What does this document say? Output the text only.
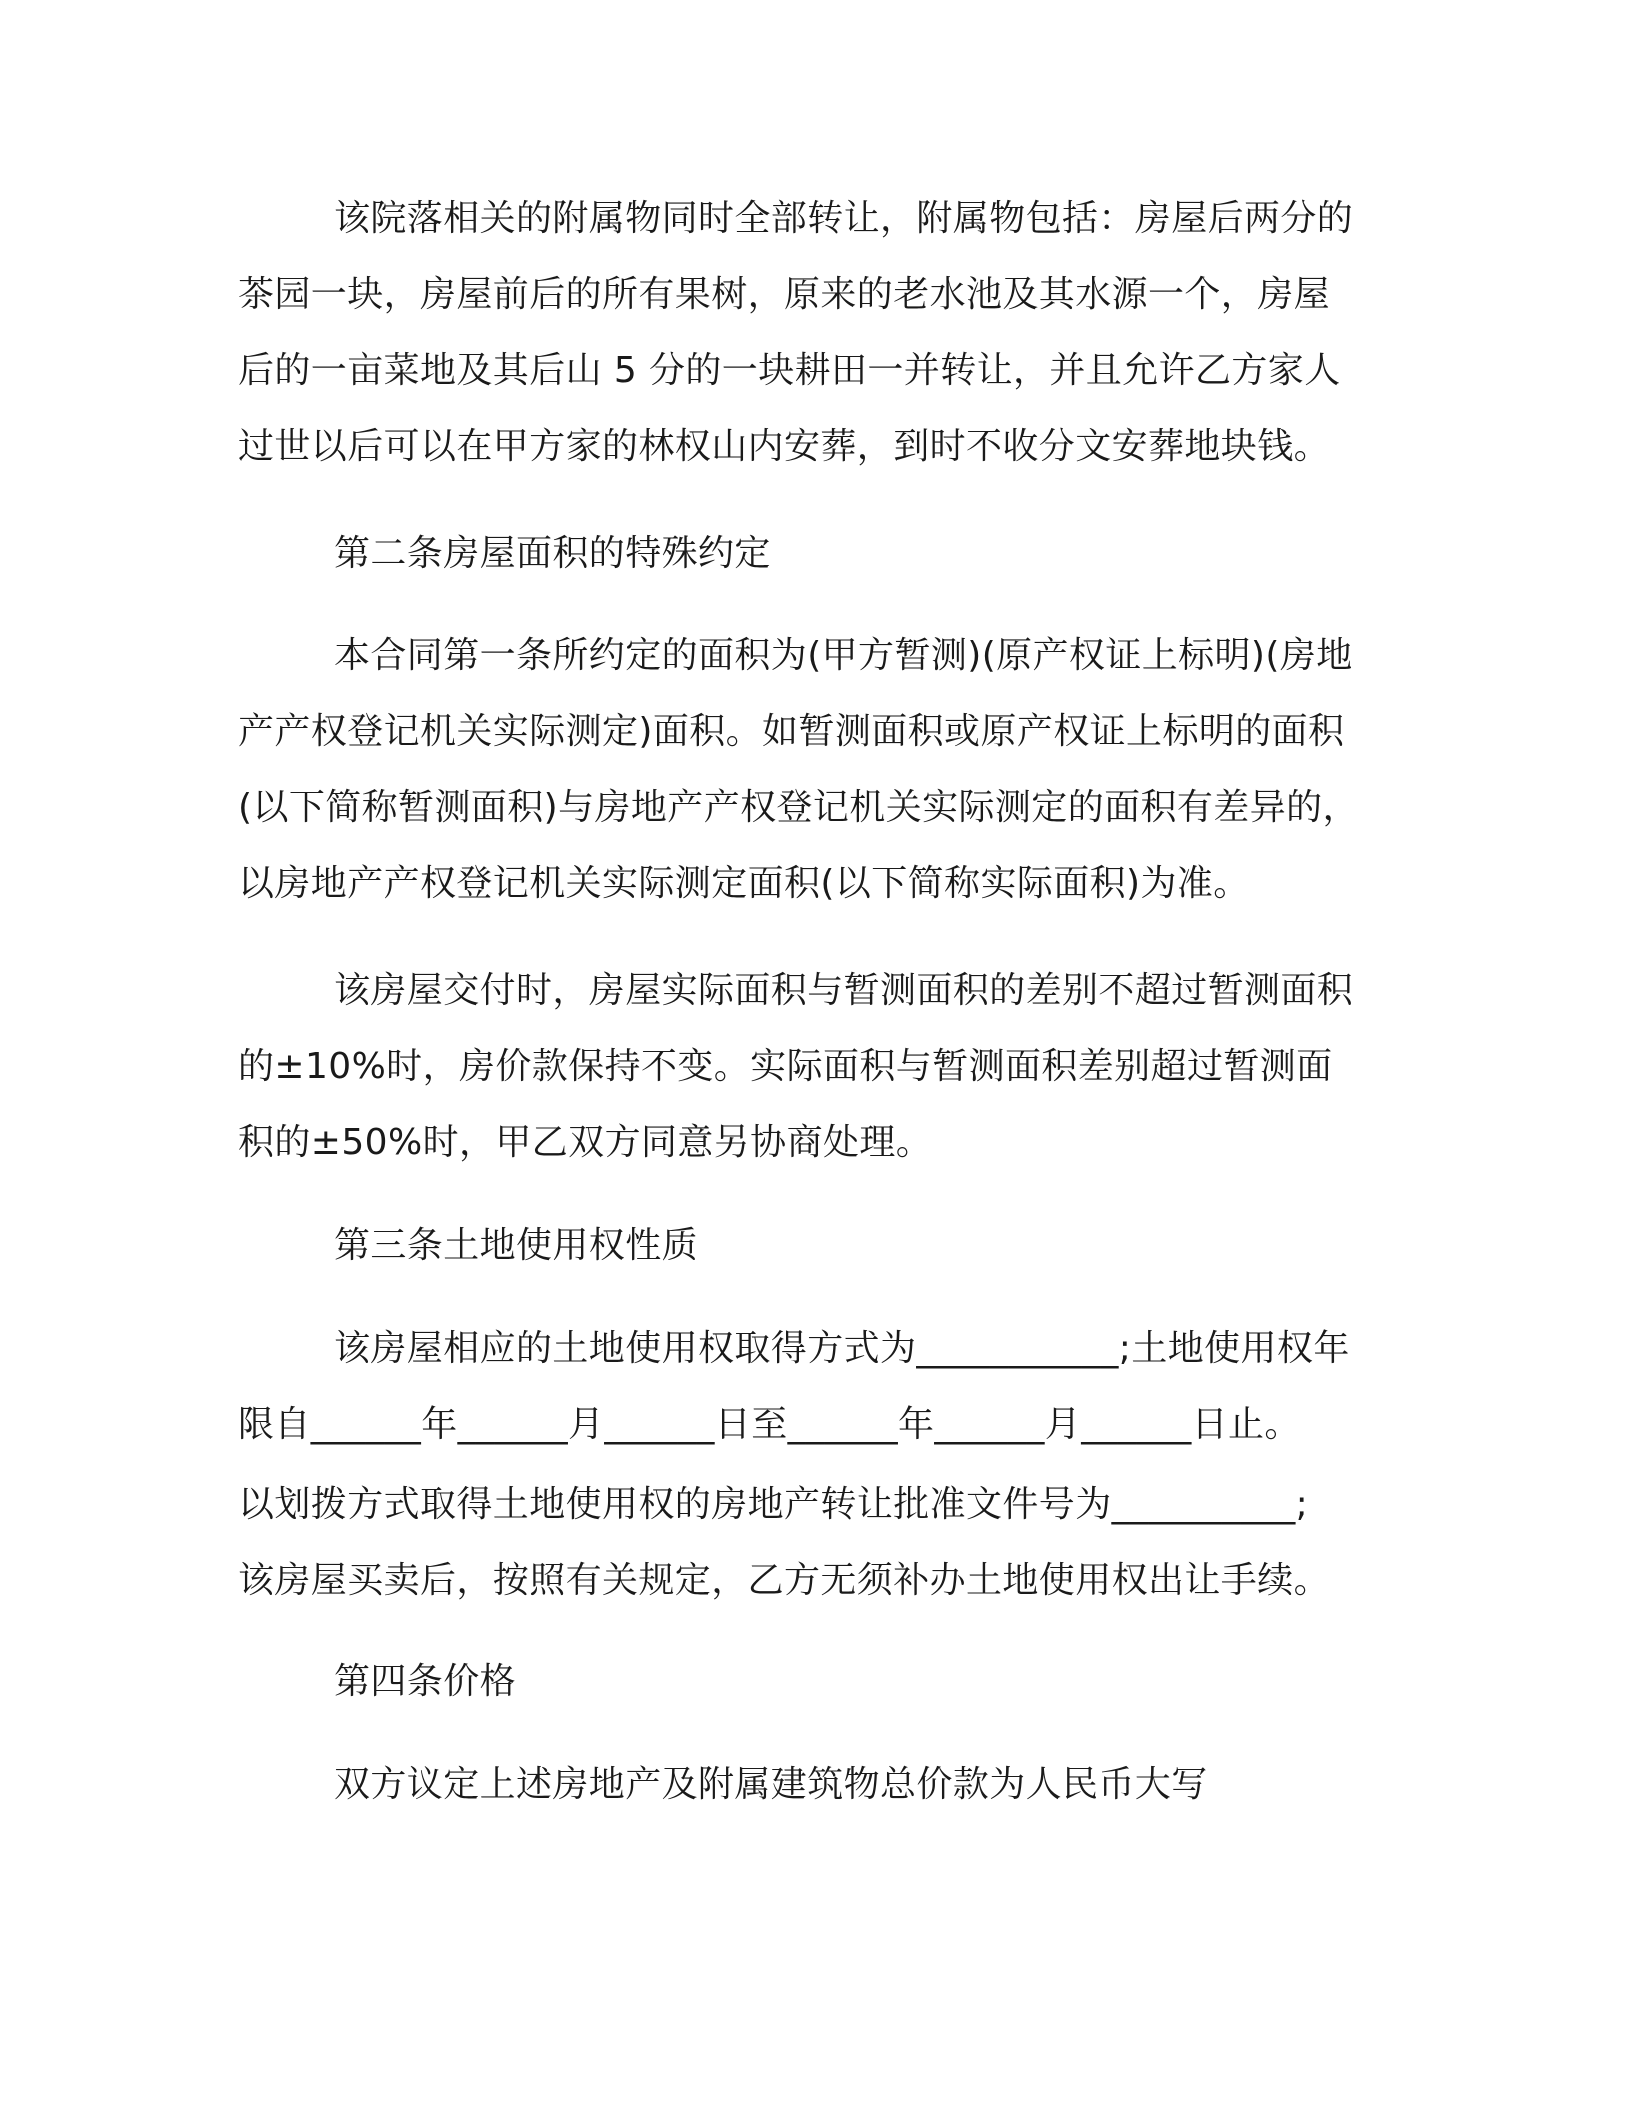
该院落相关的附属物同时全部转让，附属物包括：房屋后两分的
茶园一块，房屋前后的所有果树，原来的老水池及其水源一个，房屋
后的一亩菜地及其后山 5 分的一块耕田一并转让，并且允许乙方家人
过世以后可以在甲方家的林权山内安葬，到时不收分文安葬地块钱。
第二条房屋面积的特殊约定
本合同第一条所约定的面积为(甲方暂测)(原产权证上标明)(房地
产产权登记机关实际测定)面积。如暂测面积或原产权证上标明的面积
(以下简称暂测面积)与房地产产权登记机关实际测定的面积有差异的，
以房地产产权登记机关实际测定面积(以下简称实际面积)为准。
该房屋交付时，房屋实际面积与暂测面积的差别不超过暂测面积
的±10%时，房价款保持不变。实际面积与暂测面积差别超过暂测面
积的±50%时，甲乙双方同意另协商处理。
第三条土地使用权性质
该房屋相应的土地使用权取得方式为___________;土地使用权年
限自______年______月______日至______年______月______日止。
以划拨方式取得土地使用权的房地产转让批准文件号为__________;
该房屋买卖后，按照有关规定，乙方无须补办土地使用权出让手续。
第四条价格
双方议定上述房地产及附属建筑物总价款为人民币大写
